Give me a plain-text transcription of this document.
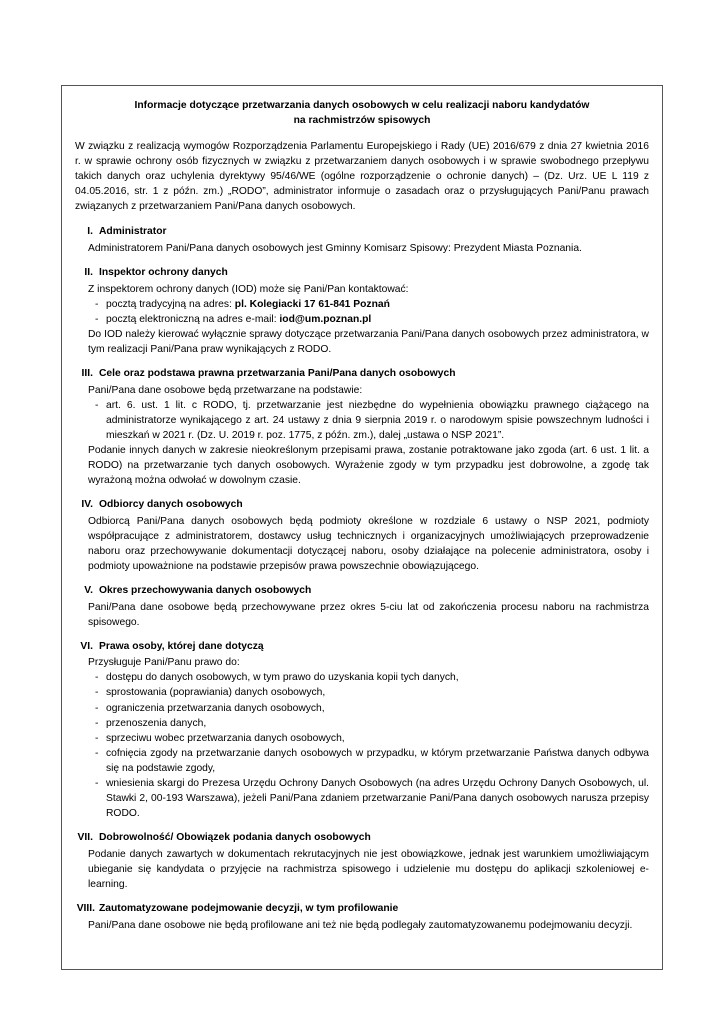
Informacje dotyczące przetwarzania danych osobowych w celu realizacji naboru kandydatów
na rachmistrzów spisowych

W związku z realizacją wymogów Rozporządzenia Parlamentu Europejskiego i Rady (UE) 2016/679 z dnia 27 kwietnia 2016 r. w sprawie ochrony osób fizycznych w związku z przetwarzaniem danych osobowych i w sprawie swobodnego przepływu takich danych oraz uchylenia dyrektywy 95/46/WE (ogólne rozporządzenie o ochronie danych) – (Dz. Urz. UE L 119 z 04.05.2016, str. 1 z późn. zm.) „RODO”, administrator informuje o zasadach oraz o przysługujących Pani/Panu prawach związanych z przetwarzaniem Pani/Pana danych osobowych.

I. Administrator

Administratorem Pani/Pana danych osobowych jest Gminny Komisarz Spisowy: Prezydent Miasta Poznania.

II. Inspektor ochrony danych

Z inspektorem ochrony danych (IOD) może się Pani/Pan kontaktować:

- pocztą tradycyjną na adres: pl. Kolegiacki 17 61-841 Poznań
- pocztą elektroniczną na adres e-mail: iod@um.poznan.pl

Do IOD należy kierować wyłącznie sprawy dotyczące przetwarzania Pani/Pana danych osobowych przez administratora, w tym realizacji Pani/Pana praw wynikających z RODO.

III. Cele oraz podstawa prawna przetwarzania Pani/Pana danych osobowych

Pani/Pana dane osobowe będą przetwarzane na podstawie:

- art. 6. ust. 1 lit. c RODO, tj. przetwarzanie jest niezbędne do wypełnienia obowiązku prawnego ciążącego na administratorze wynikającego z art. 24 ustawy z dnia 9 sierpnia 2019 r. o narodowym spisie powszechnym ludności i mieszkań w 2021 r. (Dz. U. 2019 r. poz. 1775, z późn. zm.), dalej „ustawa o NSP 2021”.

Podanie innych danych w zakresie nieokreślonym przepisami prawa, zostanie potraktowane jako zgoda (art. 6 ust. 1 lit. a RODO) na przetwarzanie tych danych osobowych. Wyrażenie zgody w tym przypadku jest dobrowolne, a zgodę tak wyrażoną można odwołać w dowolnym czasie.

IV. Odbiorcy danych osobowych

Odbiorcą Pani/Pana danych osobowych będą podmioty określone w rozdziale 6 ustawy o NSP 2021, podmioty współpracujące z administratorem, dostawcy usług technicznych i organizacyjnych umożliwiających przeprowadzenie naboru oraz przechowywanie dokumentacji dotyczącej naboru, osoby działające na polecenie administratora, osoby i podmioty upoważnione na podstawie przepisów prawa powszechnie obowiązującego.

V. Okres przechowywania danych osobowych

Pani/Pana dane osobowe będą przechowywane przez okres 5-ciu lat od zakończenia procesu naboru na rachmistrza spisowego.

VI. Prawa osoby, której dane dotyczą

Przysługuje Pani/Panu prawo do:

- dostępu do danych osobowych, w tym prawo do uzyskania kopii tych danych,
- sprostowania (poprawiania) danych osobowych,
- ograniczenia przetwarzania danych osobowych,
- przenoszenia danych,
- sprzeciwu wobec przetwarzania danych osobowych,
- cofnięcia zgody na przetwarzanie danych osobowych w przypadku, w którym przetwarzanie Państwa danych odbywa się na podstawie zgody,
- wniesienia skargi do Prezesa Urzędu Ochrony Danych Osobowych (na adres Urzędu Ochrony Danych Osobowych, ul. Stawki 2, 00-193 Warszawa), jeżeli Pani/Pana zdaniem przetwarzanie Pani/Pana danych osobowych narusza przepisy RODO.
VII. Dobrowolność/ Obowiązek podania danych osobowych

Podanie danych zawartych w dokumentach rekrutacyjnych nie jest obowiązkowe, jednak jest warunkiem umożliwiającym ubieganie się kandydata o przyjęcie na rachmistrza spisowego i udzielenie mu dostępu do aplikacji szkoleniowej e-learning.

VIII. Zautomatyzowane podejmowanie decyzji, w tym profilowanie

Pani/Pana dane osobowe nie będą profilowane ani też nie będą podlegały zautomatyzowanemu podejmowaniu decyzji.
